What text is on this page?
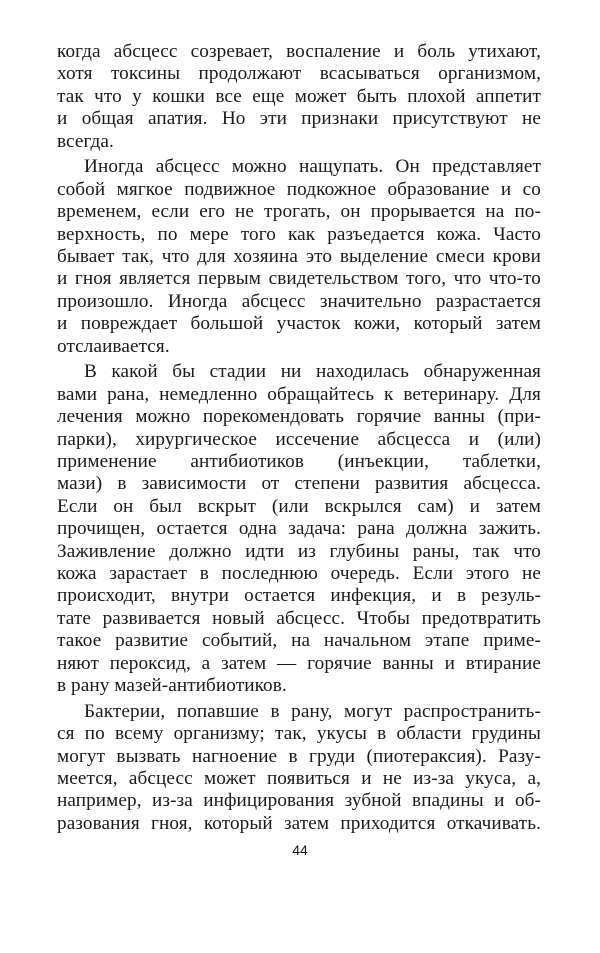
когда абсцесс созревает, воспаление и боль утихают,
хотя токсины продолжают всасываться организмом,
так что у кошки все еще может быть плохой аппетит
и общая апатия. Но эти признаки присутствуют не
всегда.
Иногда абсцесс можно нащупать. Он представляет
собой мягкое подвижное подкожное образование и со
временем, если его не трогать, он прорывается на по-
верхность, по мере того как разъедается кожа. Часто
бывает так, что для хозяина это выделение смеси крови
и гноя является первым свидетельством того, что что-то
произошло. Иногда абсцесс значительно разрастается
и повреждает большой участок кожи, который затем
отслаивается.
В какой бы стадии ни находилась обнаруженная
вами рана, немедленно обращайтесь к ветеринару. Для
лечения можно порекомендовать горячие ванны (при-
парки), хирургическое иссечение абсцесса и (или)
применение антибиотиков (инъекции, таблетки,
мази) в зависимости от степени развития абсцесса.
Если он был вскрыт (или вскрылся сам) и затем
прочищен, остается одна задача: рана должна зажить.
Заживление должно идти из глубины раны, так что
кожа зарастает в последнюю очередь. Если этого не
происходит, внутри остается инфекция, и в резуль-
тате развивается новый абсцесс. Чтобы предотвратить
такое развитие событий, на начальном этапе приме-
няют пероксид, а затем — горячие ванны и втирание
в рану мазей-антибиотиков.
Бактерии, попавшие в рану, могут распространить-
ся по всему организму; так, укусы в области грудины
могут вызвать нагноение в груди (пиотераксия). Разу-
меется, абсцесс может появиться и не из-за укуса, а,
например, из-за инфицирования зубной впадины и об-
разования гноя, который затем приходится откачивать.
44
